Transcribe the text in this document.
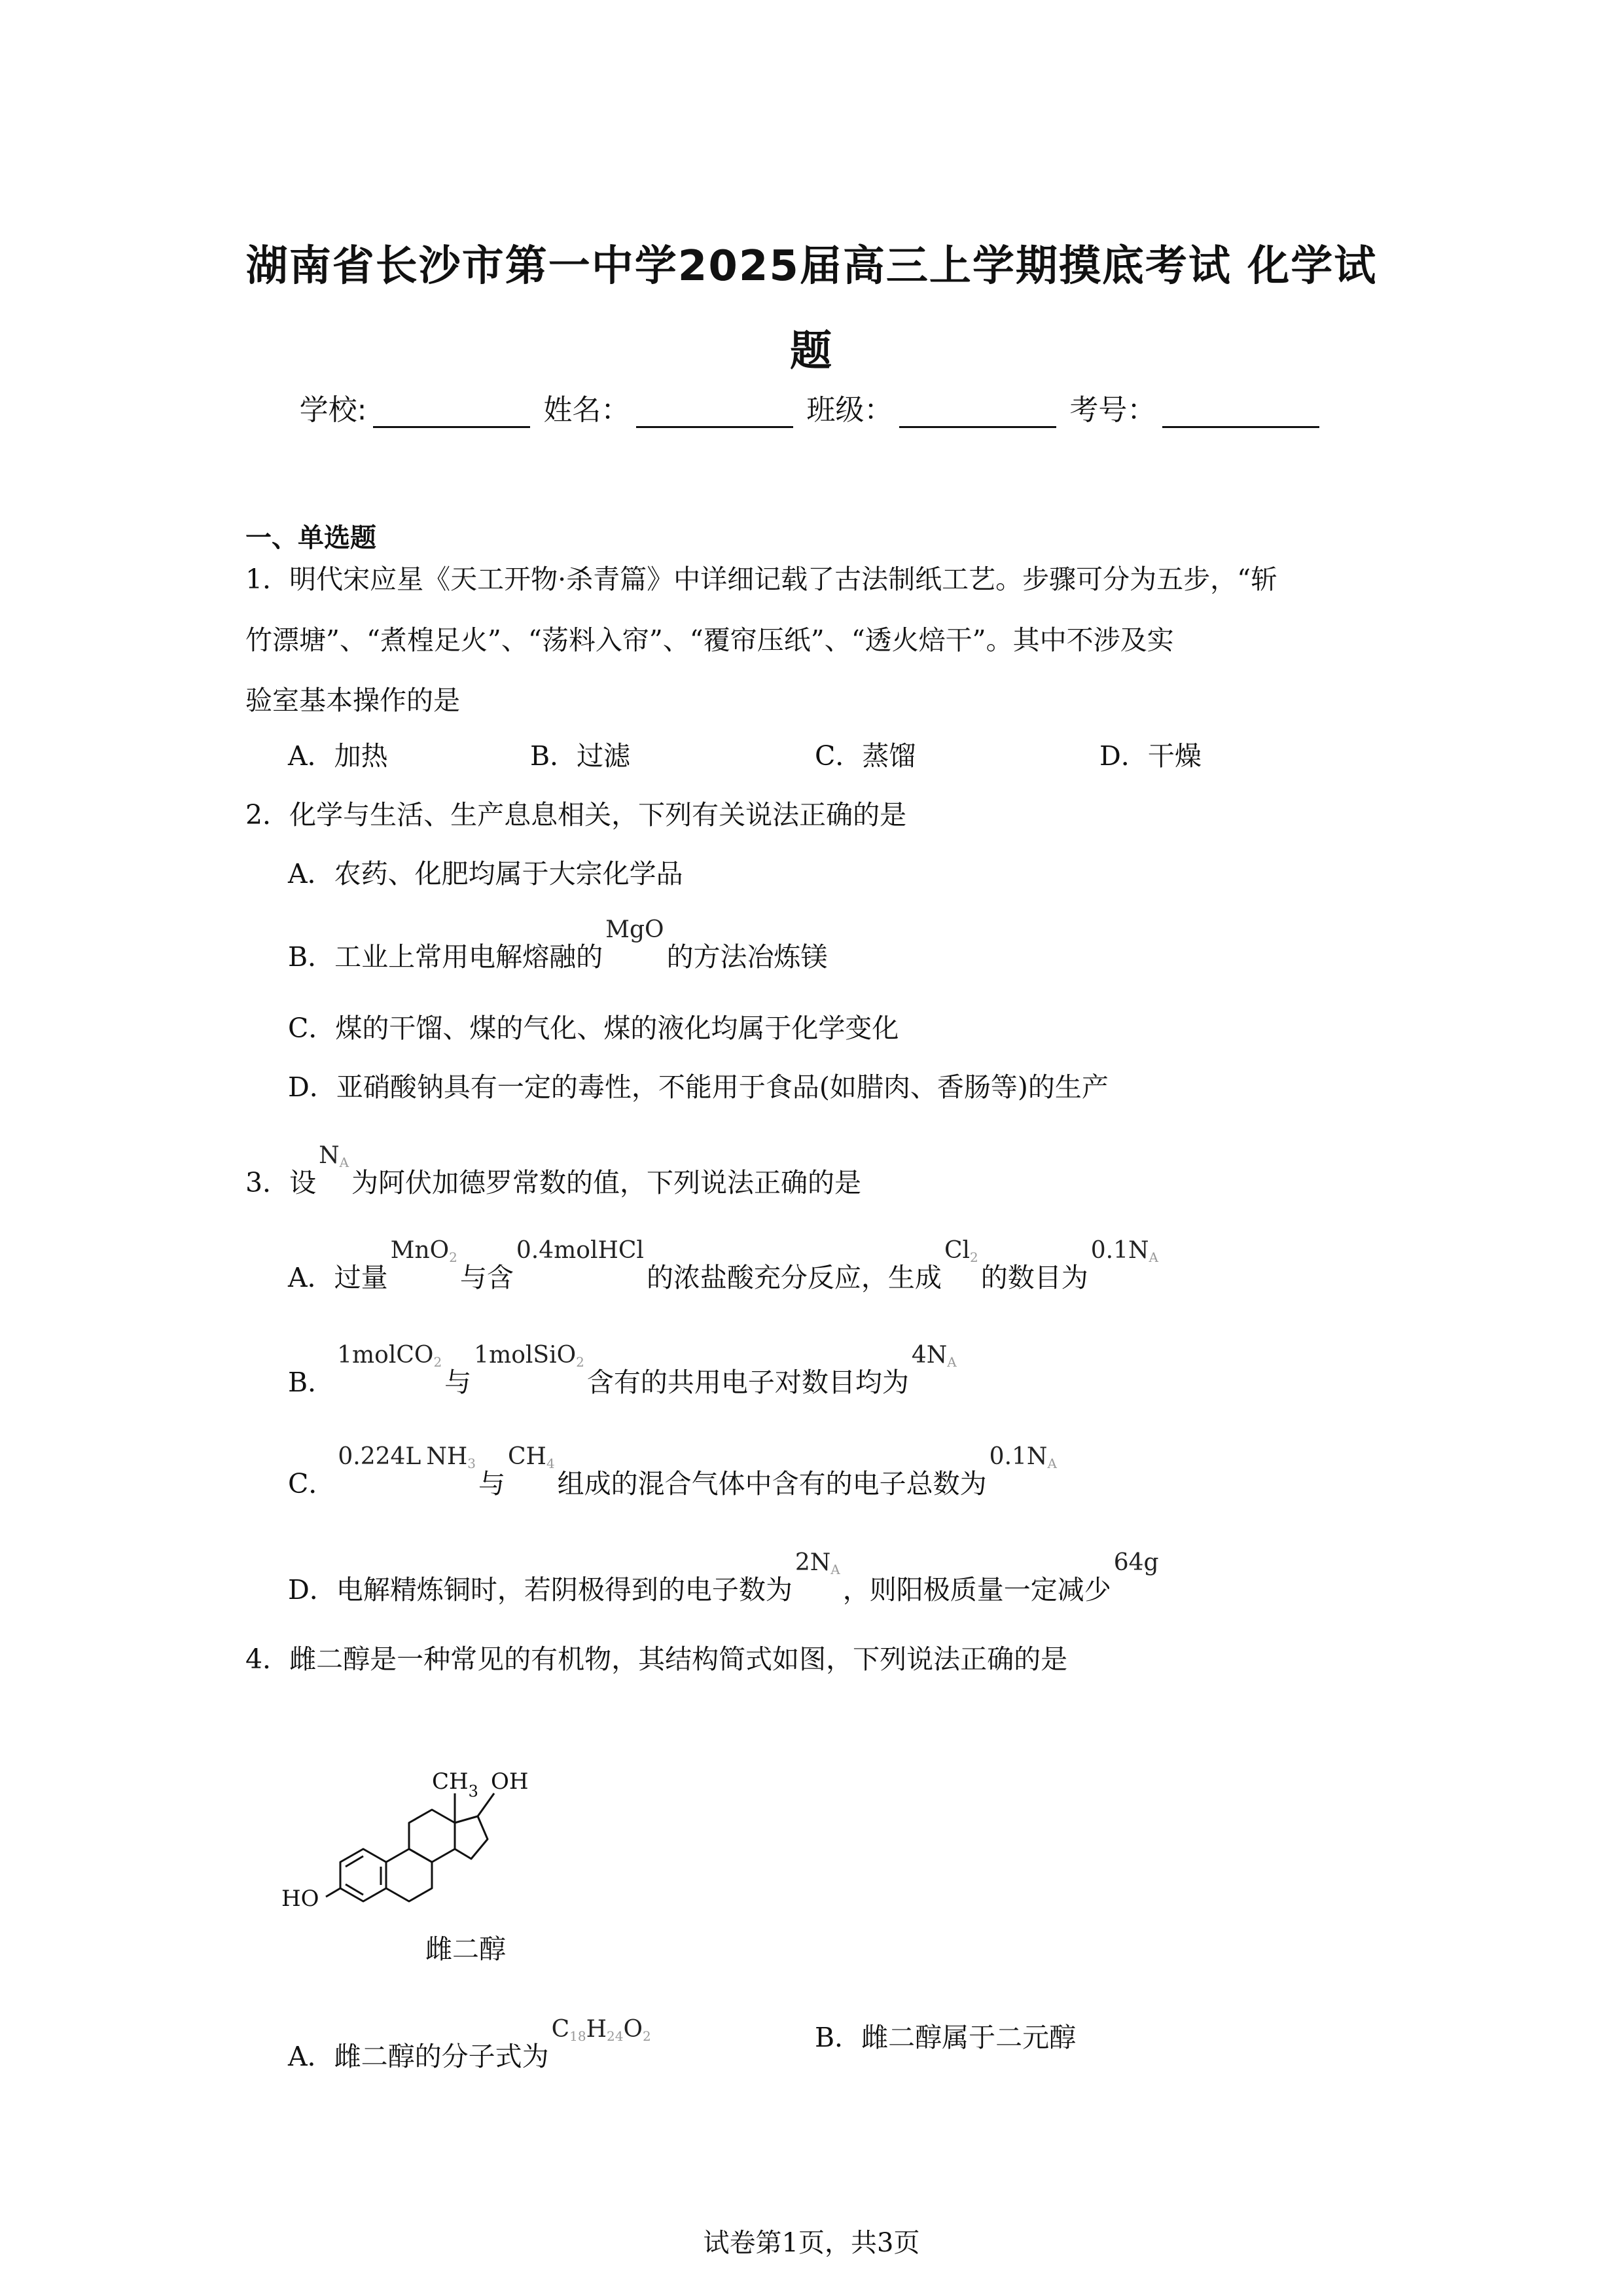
湖南省长沙市第一中学2025届高三上学期摸底考试 化学试
题
学校:	姓名：	班级：	考号：
一、单选题
1．明代宋应星《天工开物·杀青篇》中详细记载了古法制纸工艺。步骤可分为五步，“斩
竹漂塘”、“煮楻足火”、“荡料入帘”、“覆帘压纸”、“透火焙干”。其中不涉及实
验室基本操作的是
A．加热	B．过滤	C．蒸馏	D．干燥
2．化学与生活、生产息息相关，下列有关说法正确的是
A．农药、化肥均属于大宗化学品
B．工业上常用电解熔融的MgO的方法冶炼镁
C．煤的干馏、煤的气化、煤的液化均属于化学变化
D．亚硝酸钠具有一定的毒性，不能用于食品(如腊肉、香肠等)的生产
3．设$N_A$为阿伏加德罗常数的值，下列说法正确的是
A．过量MnO$_2$与含0.4molHCl的浓盐酸充分反应，生成$Cl_2$的数目为$0.1N_A$
B．1molCO$_2$与1molSiO$_2$含有的共用电子对数目均为$4N_A$
C．0.224L $NH_3$与$CH_4$组成的混合气体中含有的电子总数为$0.1N_A$
D．电解精炼铜时，若阴极得到的电子数为$2N_A$，则阳极质量一定减少64g
4．雌二醇是一种常见的有机物，其结构简式如图，下列说法正确的是
HO
$CH_3$ OH
雌二醇
A．雌二醇的分子式为$C_{18}H_{24}O_2$	B．雌二醇属于二元醇
试卷第1页，共3页
